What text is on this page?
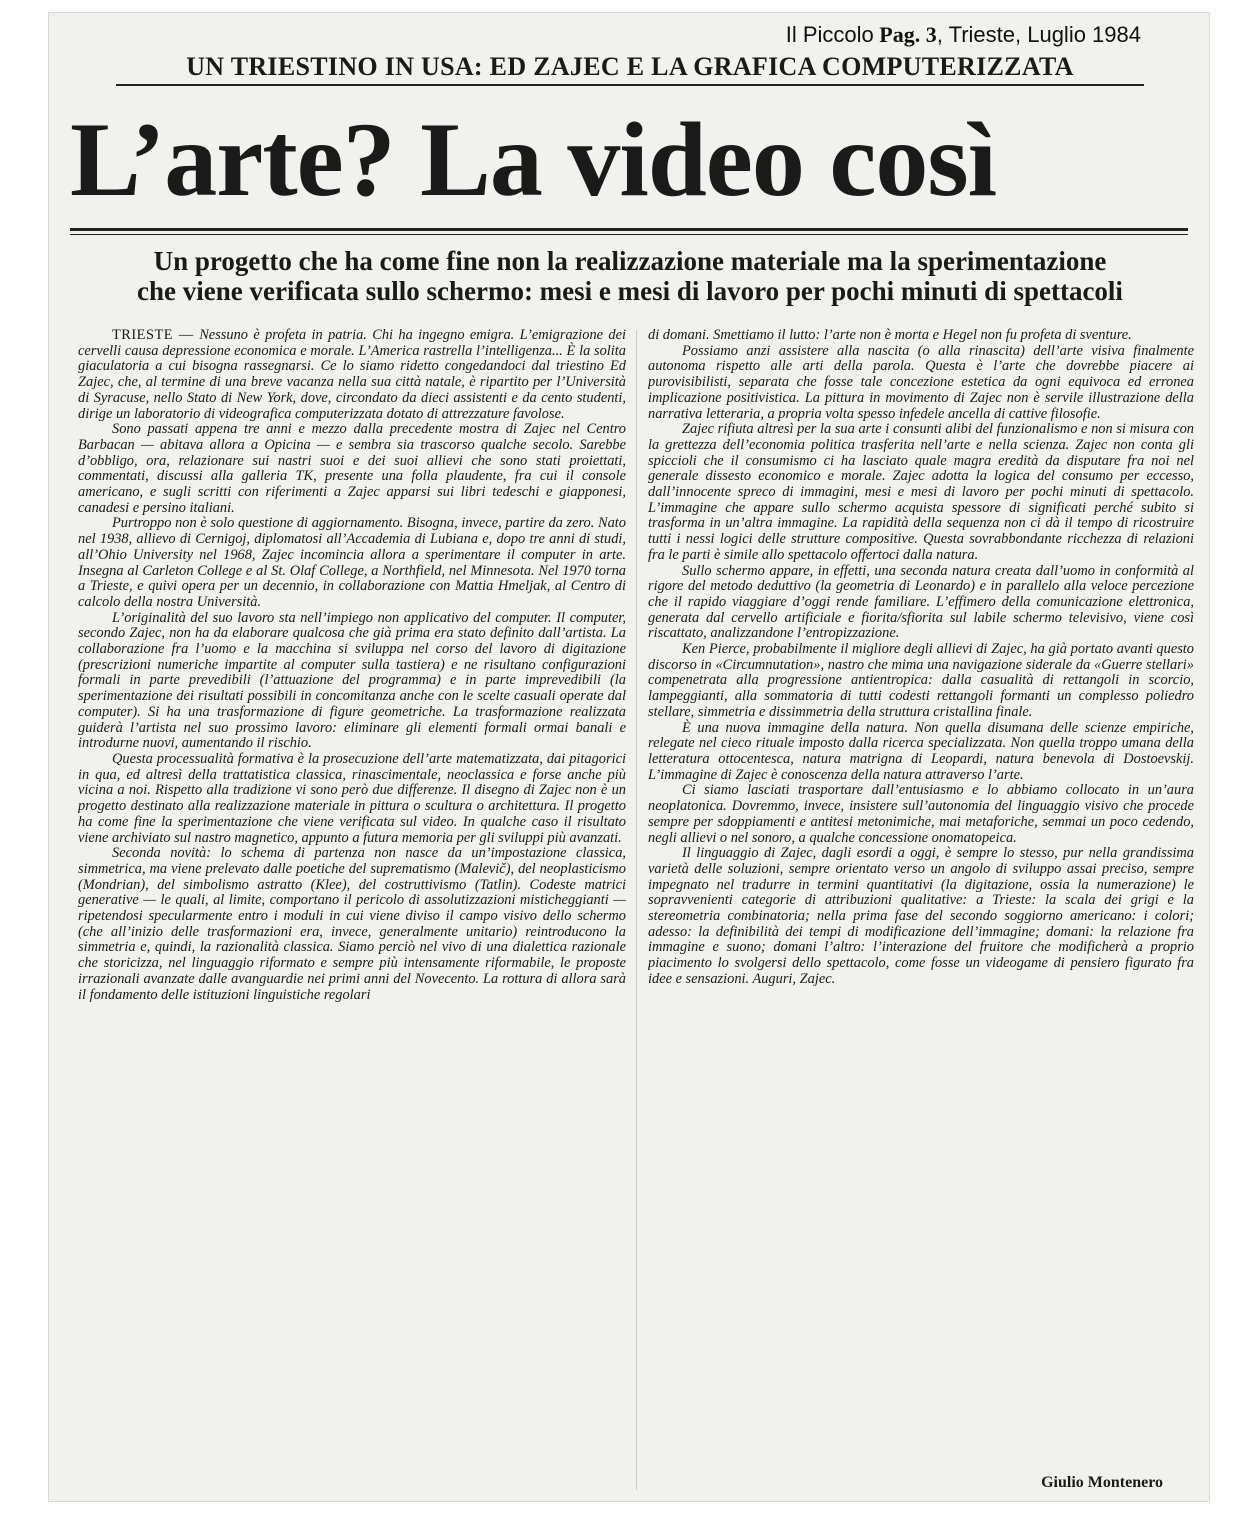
Il Piccolo Pag. 3, Trieste, Luglio 1984
UN TRIESTINO IN USA: ED ZAJEC E LA GRAFICA COMPUTERIZZATA
L’arte? La video così
Un progetto che ha come fine non la realizzazione materiale ma la sperimentazione
che viene verificata sullo schermo: mesi e mesi di lavoro per pochi minuti di spettacoli

TRIESTE — Nessuno è profeta in patria. Chi ha ingegno emigra. L’emigrazione dei cervelli causa depressione economica e morale. L’America rastrella l’intelligenza... È la solita giaculatoria a cui bisogna rassegnarsi. Ce lo siamo ridetto congedandoci dal triestino Ed Zajec, che, al termine di una breve vacanza nella sua città natale, è ripartito per l’Università di Syracuse, nello Stato di New York, dove, circondato da dieci assistenti e da cento studenti, dirige un laboratorio di videografica computerizzata dotato di attrezzature favolose.

Sono passati appena tre anni e mezzo dalla precedente mostra di Zajec nel Centro Barbacan — abitava allora a Opicina — e sembra sia trascorso qualche secolo. Sarebbe d’obbligo, ora, relazionare sui nastri suoi e dei suoi allievi che sono stati proiettati, commentati, discussi alla galleria TK, presente una folla plaudente, fra cui il console americano, e sugli scritti con riferimenti a Zajec apparsi sui libri tedeschi e giapponesi, canadesi e persino italiani.

Purtroppo non è solo questione di aggiornamento. Bisogna, invece, partire da zero. Nato nel 1938, allievo di Cernigoj, diplomatosi all’Accademia di Lubiana e, dopo tre anni di studi, all’Ohio University nel 1968, Zajec incomincia allora a sperimentare il computer in arte. Insegna al Carleton College e al St. Olaf College, a Northfield, nel Minnesota. Nel 1970 torna a Trieste, e quivi opera per un decennio, in collaborazione con Mattia Hmeljak, al Centro di calcolo della nostra Università.

L’originalità del suo lavoro sta nell’impiego non applicativo del computer. Il computer, secondo Zajec, non ha da elaborare qualcosa che già prima era stato definito dall’artista. La collaborazione fra l’uomo e la macchina si sviluppa nel corso del lavoro di digitazione (prescrizioni numeriche impartite al computer sulla tastiera) e ne risultano configurazioni formali in parte prevedibili (l’attuazione del programma) e in parte imprevedibili (la sperimentazione dei risultati possibili in concomitanza anche con le scelte casuali operate dal computer). Si ha una trasformazione di figure geometriche. La trasformazione realizzata guiderà l’artista nel suo prossimo lavoro: eliminare gli elementi formali ormai banali e introdurne nuovi, aumentando il rischio.

Questa processualità formativa è la prosecuzione dell’arte matematizzata, dai pitagorici in qua, ed altresì della trattatistica classica, rinascimentale, neoclassica e forse anche più vicina a noi. Rispetto alla tradizione vi sono però due differenze. Il disegno di Zajec non è un progetto destinato alla realizzazione materiale in pittura o scultura o architettura. Il progetto ha come fine la sperimentazione che viene verificata sul video. In qualche caso il risultato viene archiviato sul nastro magnetico, appunto a futura memoria per gli sviluppi più avanzati.

Seconda novità: lo schema di partenza non nasce da un’impostazione classica, simmetrica, ma viene prelevato dalle poetiche del suprematismo (Malevič), del neoplasticismo (Mondrian), del simbolismo astratto (Klee), del costruttivismo (Tatlin). Codeste matrici generative — le quali, al limite, comportano il pericolo di assolutizzazioni misticheggianti — ripetendosi specularmente entro i moduli in cui viene diviso il campo visivo dello schermo (che all’inizio delle trasformazioni era, invece, generalmente unitario) reintroducono la simmetria e, quindi, la razionalità classica. Siamo perciò nel vivo di una dialettica razionale che storicizza, nel linguaggio riformato e sempre più intensamente riformabile, le proposte irrazionali avanzate dalle avanguardie nei primi anni del Novecento. La rottura di allora sarà il fondamento delle istituzioni linguistiche regolari

di domani. Smettiamo il lutto: l’arte non è morta e Hegel non fu profeta di sventure.

Possiamo anzi assistere alla nascita (o alla rinascita) dell’arte visiva finalmente autonoma rispetto alle arti della parola. Questa è l’arte che dovrebbe piacere ai purovisibilisti, separata che fosse tale concezione estetica da ogni equivoca ed erronea implicazione positivistica. La pittura in movimento di Zajec non è servile illustrazione della narrativa letteraria, a propria volta spesso infedele ancella di cattive filosofie.

Zajec rifiuta altresì per la sua arte i consunti alibi del funzionalismo e non si misura con la grettezza dell’economia politica trasferita nell’arte e nella scienza. Zajec non conta gli spiccioli che il consumismo ci ha lasciato quale magra eredità da disputare fra noi nel generale dissesto economico e morale. Zajec adotta la logica del consumo per eccesso, dall’innocente spreco di immagini, mesi e mesi di lavoro per pochi minuti di spettacolo. L’immagine che appare sullo schermo acquista spessore di significati perché subito si trasforma in un’altra immagine. La rapidità della sequenza non ci dà il tempo di ricostruire tutti i nessi logici delle strutture compositive. Questa sovrabbondante ricchezza di relazioni fra le parti è simile allo spettacolo offertoci dalla natura.

Sullo schermo appare, in effetti, una seconda natura creata dall’uomo in conformità al rigore del metodo deduttivo (la geometria di Leonardo) e in parallelo alla veloce percezione che il rapido viaggiare d’oggi rende familiare. L’effimero della comunicazione elettronica, generata dal cervello artificiale e fiorita/sfiorita sul labile schermo televisivo, viene così riscattato, analizzandone l’entropizzazione.

Ken Pierce, probabilmente il migliore degli allievi di Zajec, ha già portato avanti questo discorso in «Circumnutation», nastro che mima una navigazione siderale da «Guerre stellari» compenetrata alla progressione antientropica: dalla casualità di rettangoli in scorcio, lampeggianti, alla sommatoria di tutti codesti rettangoli formanti un complesso poliedro stellare, simmetria e dissimmetria della struttura cristallina finale.

È una nuova immagine della natura. Non quella disumana delle scienze empiriche, relegate nel cieco rituale imposto dalla ricerca specializzata. Non quella troppo umana della letteratura ottocentesca, natura matrigna di Leopardi, natura benevola di Dostoevskij. L’immagine di Zajec è conoscenza della natura attraverso l’arte.

Ci siamo lasciati trasportare dall’entusiasmo e lo abbiamo collocato in un’aura neoplatonica. Dovremmo, invece, insistere sull’autonomia del linguaggio visivo che procede sempre per sdoppiamenti e antitesi metonimiche, mai metaforiche, semmai un poco cedendo, negli allievi o nel sonoro, a qualche concessione onomatopeica.

Il linguaggio di Zajec, dagli esordi a oggi, è sempre lo stesso, pur nella grandissima varietà delle soluzioni, sempre orientato verso un angolo di sviluppo assai preciso, sempre impegnato nel tradurre in termini quantitativi (la digitazione, ossia la numerazione) le sopravvenienti categorie di attribuzioni qualitative: a Trieste: la scala dei grigi e la stereometria combinatoria; nella prima fase del secondo soggiorno americano: i colori; adesso: la definibilità dei tempi di modificazione dell’immagine; domani: la relazione fra immagine e suono; domani l’altro: l’interazione del fruitore che modificherà a proprio piacimento lo svolgersi dello spettacolo, come fosse un videogame di pensiero figurato fra idee e sensazioni. Auguri, Zajec.

Giulio Montenero
